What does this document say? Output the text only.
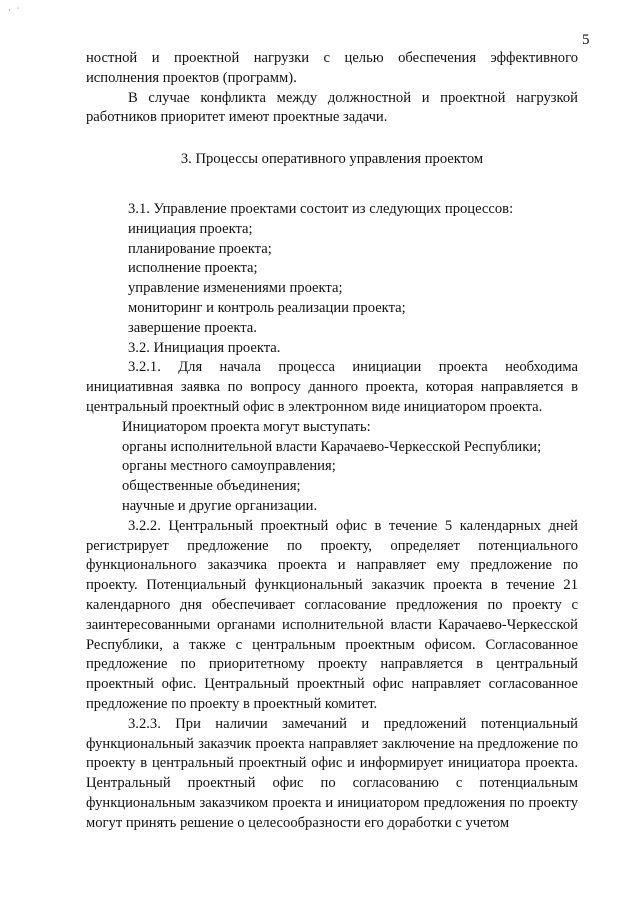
· ˙
5

ностной и проектной нагрузки с целью обеспечения эффективного исполнения проектов (программ).

В случае конфликта между должностной и проектной нагрузкой работников приоритет имеют проектные задачи.

3. Процессы оперативного управления проектом

3.1. Управление проектами состоит из следующих процессов:

инициация проекта;

планирование проекта;

исполнение проекта;

управление изменениями проекта;

мониторинг и контроль реализации проекта;

завершение проекта.

3.2. Инициация проекта.

3.2.1. Для начала процесса инициации проекта необходима инициативная заявка по вопросу данного проекта, которая направляется в центральный проектный офис в электронном виде инициатором проекта.

Инициатором проекта могут выступать:

органы исполнительной власти Карачаево-Черкесской Республики;

органы местного самоуправления;

общественные объединения;

научные и другие организации.

3.2.2. Центральный проектный офис в течение 5 календарных дней регистрирует предложение по проекту, определяет потенциального функционального заказчика проекта и направляет ему предложение по проекту. Потенциальный функциональный заказчик проекта в течение 21 календарного дня обеспечивает согласование предложения по проекту с заинтересованными органами исполнительной власти Карачаево-Черкесской Республики, а также с центральным проектным офисом. Согласованное предложение по приоритетному проекту направляется в центральный проектный офис. Центральный проектный офис направляет согласованное предложение по проекту в проектный комитет.

3.2.3. При наличии замечаний и предложений потенциальный функциональный заказчик проекта направляет заключение на предложение по проекту в центральный проектный офис и информирует инициатора проекта. Центральный проектный офис по согласованию с потенциальным функциональным заказчиком проекта и инициатором предложения по проекту могут принять решение о целесообразности его доработки с учетом
